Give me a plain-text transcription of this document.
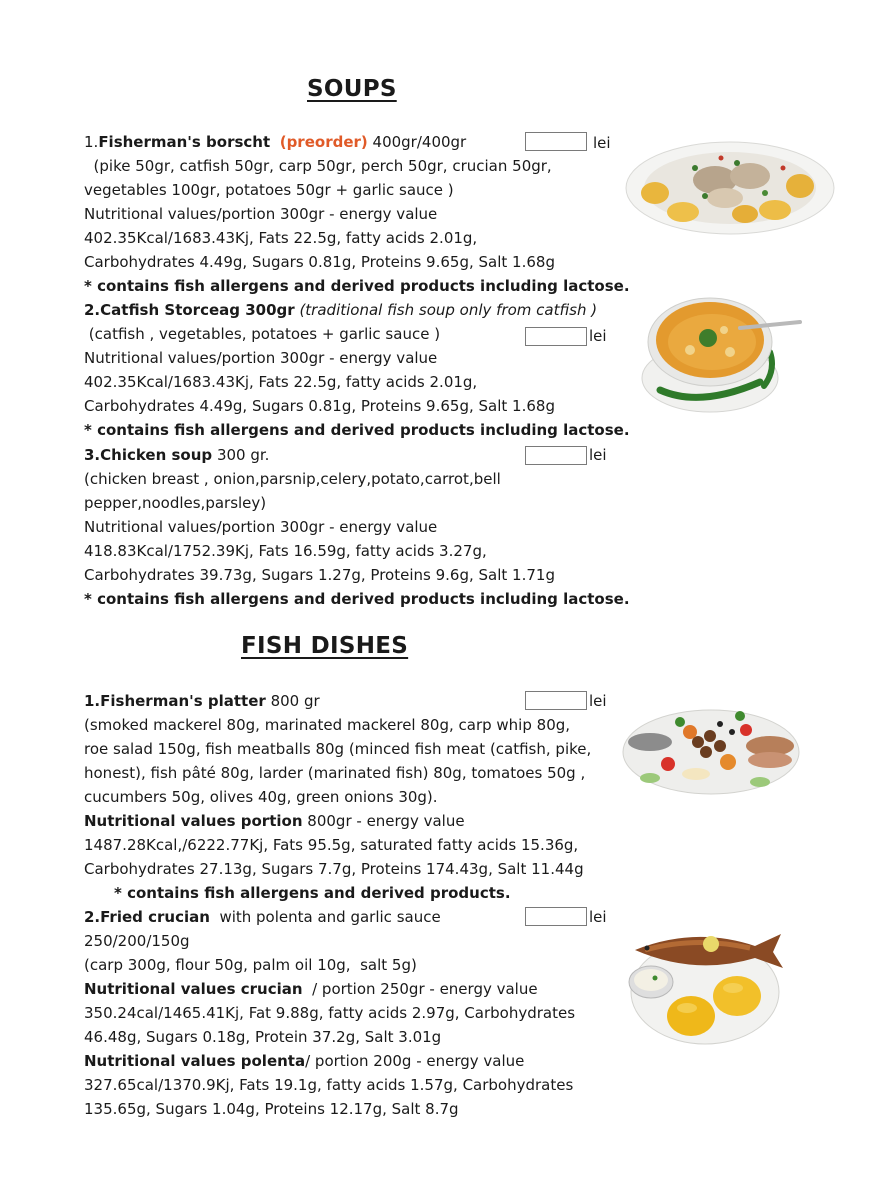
SOUPS

1.Fisherman's borscht (preorder) 400gr/400gr

(pike 50gr, catfish 50gr, carp 50gr, perch 50gr, crucian 50gr,

vegetables 100gr, potatoes 50gr + garlic sauce )

Nutritional values/portion 300gr - energy value

402.35Kcal/1683.43Kj, Fats 22.5g, fatty acids 2.01g,

Carbohydrates 4.49g, Sugars 0.81g, Proteins 9.65g, Salt 1.68g

* contains fish allergens and derived products including lactose.

lei

2.Catfish Storceag 300gr (traditional fish soup only from catfish )

(catfish , vegetables, potatoes + garlic sauce )

Nutritional values/portion 300gr - energy value

402.35Kcal/1683.43Kj, Fats 22.5g, fatty acids 2.01g,

Carbohydrates 4.49g, Sugars 0.81g, Proteins 9.65g, Salt 1.68g

* contains fish allergens and derived products including lactose.

lei

3.Chicken soup 300 gr.

(chicken breast , onion,parsnip,celery,potato,carrot,bell

pepper,noodles,parsley)

Nutritional values/portion 300gr - energy value

418.83Kcal/1752.39Kj, Fats 16.59g, fatty acids 3.27g,

Carbohydrates 39.73g, Sugars 1.27g, Proteins 9.6g, Salt 1.71g

* contains fish allergens and derived products including lactose.

lei
FISH DISHES

1.Fisherman's platter 800 gr

(smoked mackerel 80g, marinated mackerel 80g, carp whip 80g,

roe salad 150g, fish meatballs 80g (minced fish meat (catfish, pike,

honest), fish pâté 80g, larder (marinated fish) 80g, tomatoes 50g ,

cucumbers 50g, olives 40g, green onions 30g).

Nutritional values portion 800gr - energy value

1487.28Kcal,/6222.77Kj, Fats 95.5g, saturated fatty acids 15.36g,

Carbohydrates 27.13g, Sugars 7.7g, Proteins 174.43g, Salt 11.44g

* contains fish allergens and derived products.

lei

2.Fried crucian  with polenta and garlic sauce

250/200/150g

(carp 300g, flour 50g, palm oil 10g,  salt 5g)

Nutritional values crucian  / portion 250gr - energy value

350.24cal/1465.41Kj, Fat 9.88g, fatty acids 2.97g, Carbohydrates

46.48g, Sugars 0.18g, Protein 37.2g, Salt 3.01g

Nutritional values polenta/ portion 200g - energy value

327.65cal/1370.9Kj, Fats 19.1g, fatty acids 1.57g, Carbohydrates

135.65g, Sugars 1.04g, Proteins 12.17g, Salt 8.7g

lei
